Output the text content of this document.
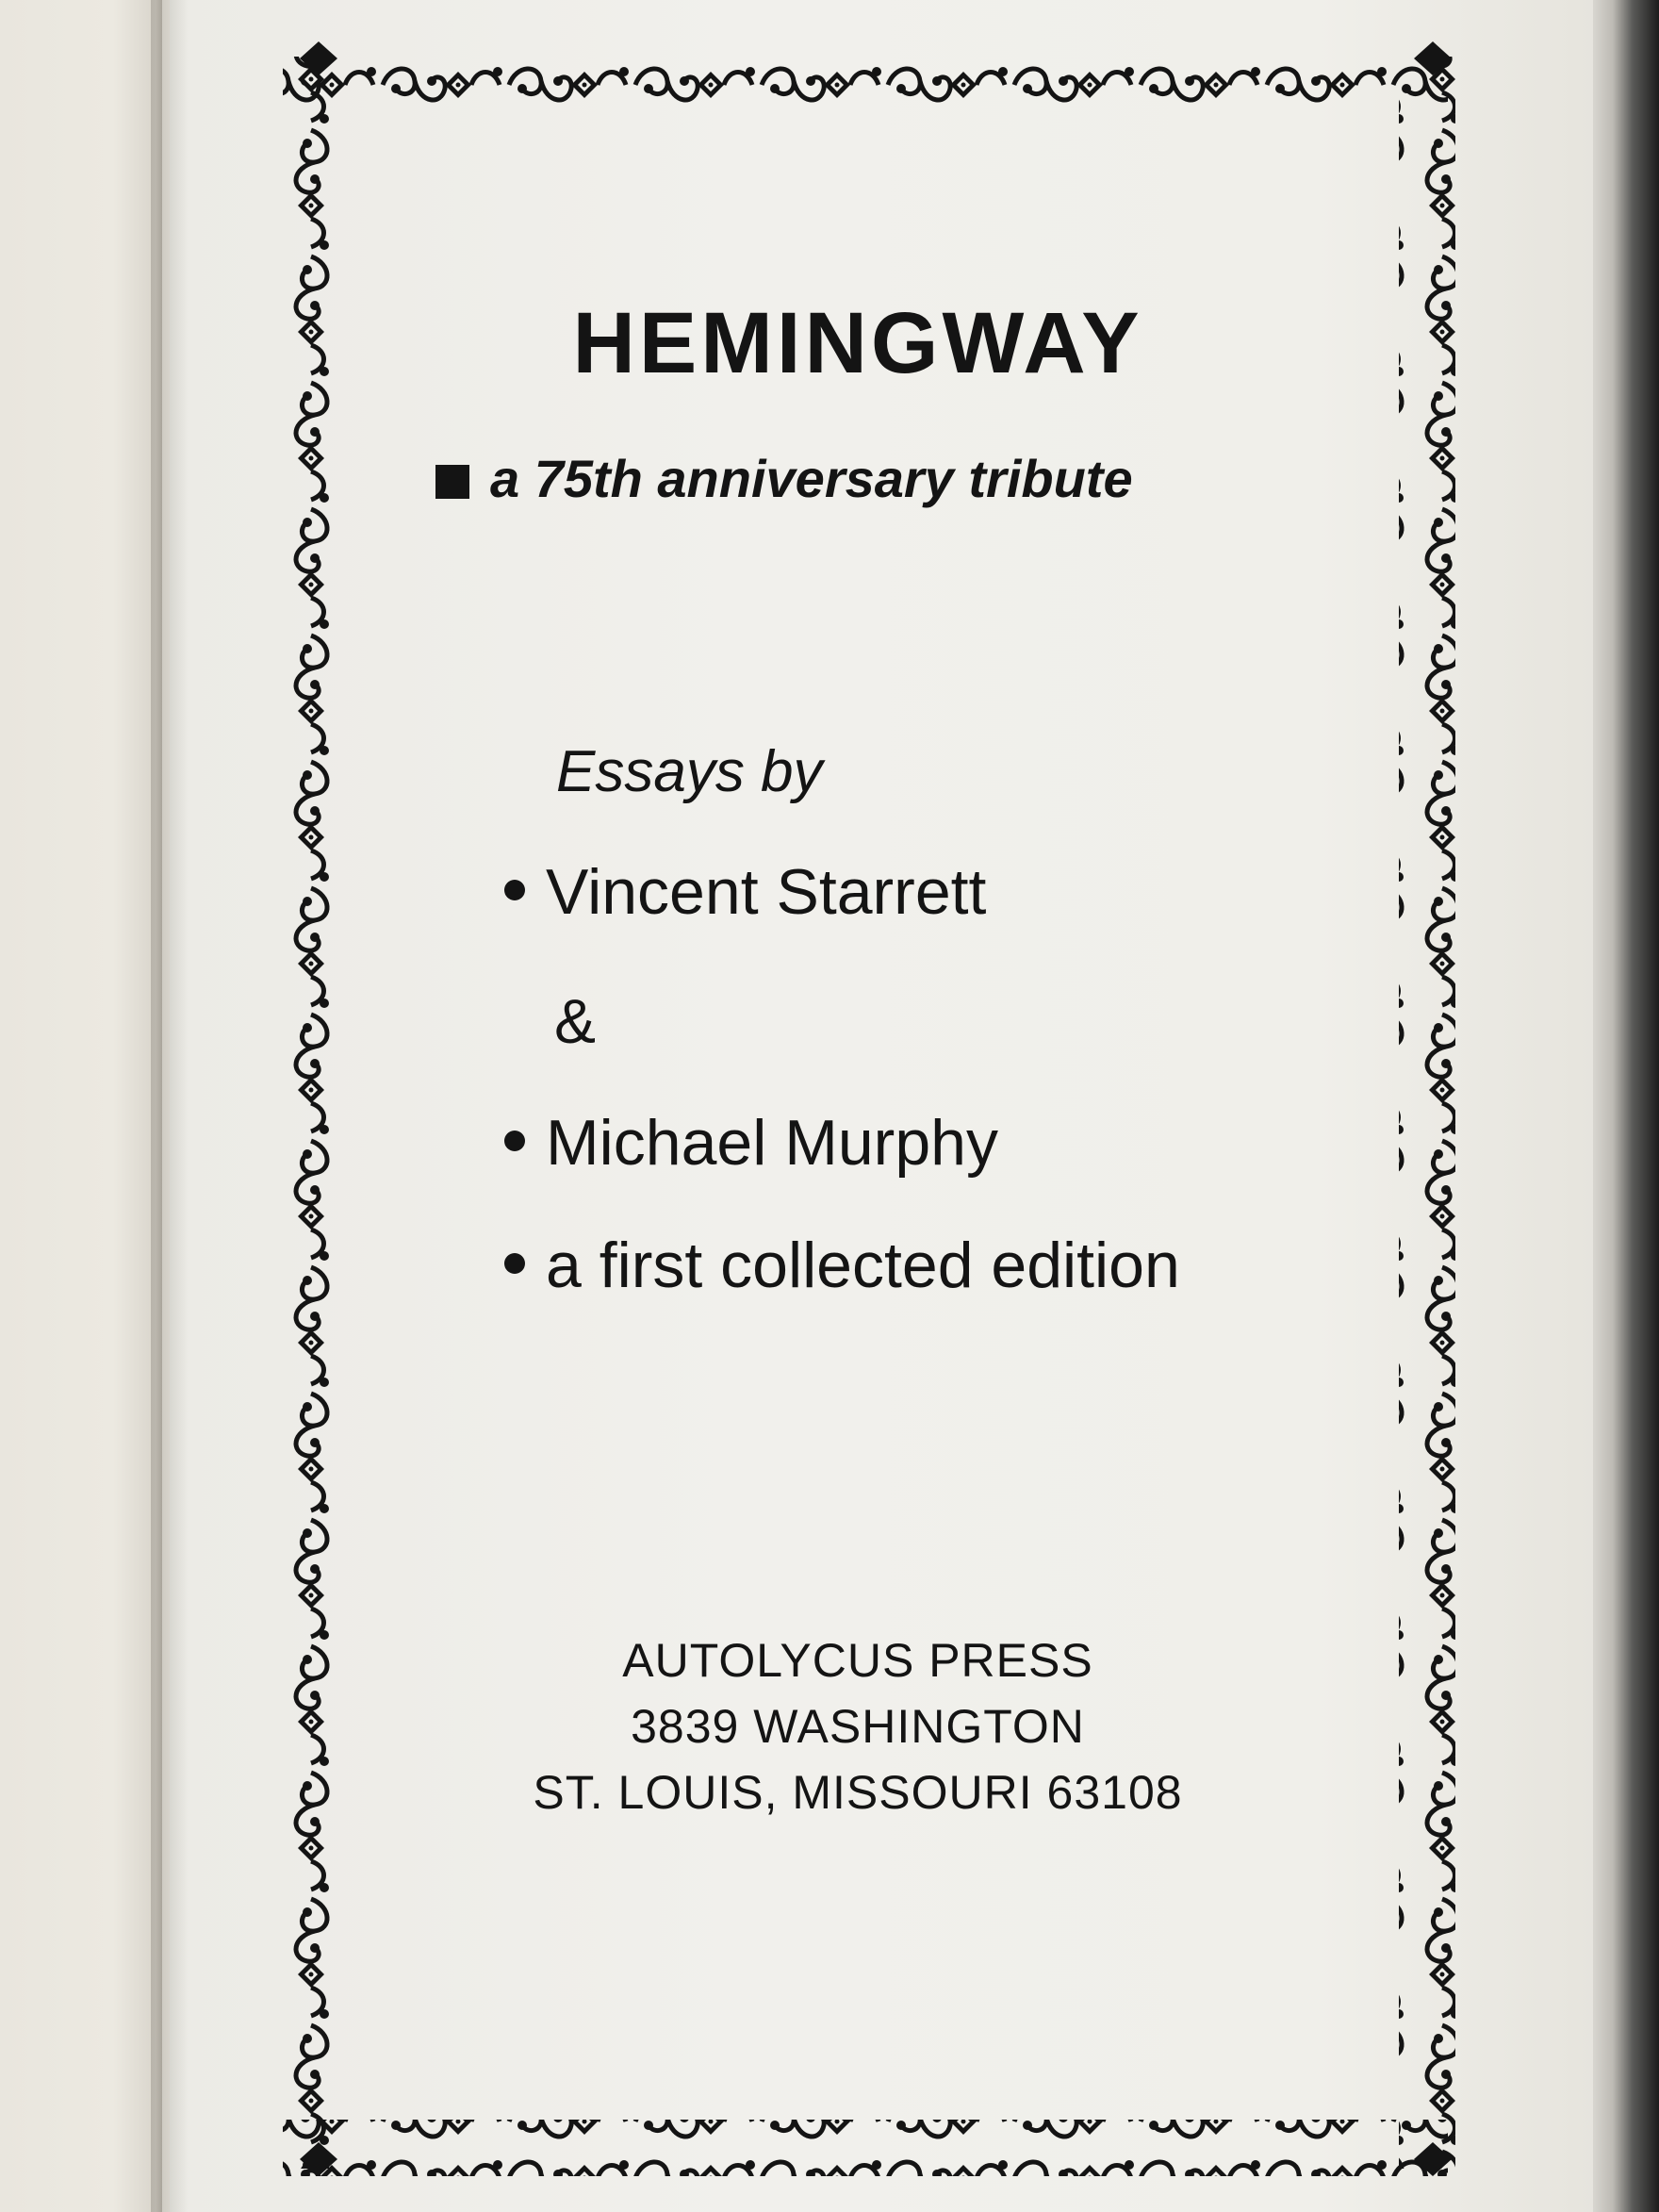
HEMINGWAY

a 75th anniversary tribute

Essays by

Vincent Starrett

&

Michael Murphy

a first collected edition

AUTOLYCUS PRESS

3839 WASHINGTON

ST. LOUIS, MISSOURI 63108
